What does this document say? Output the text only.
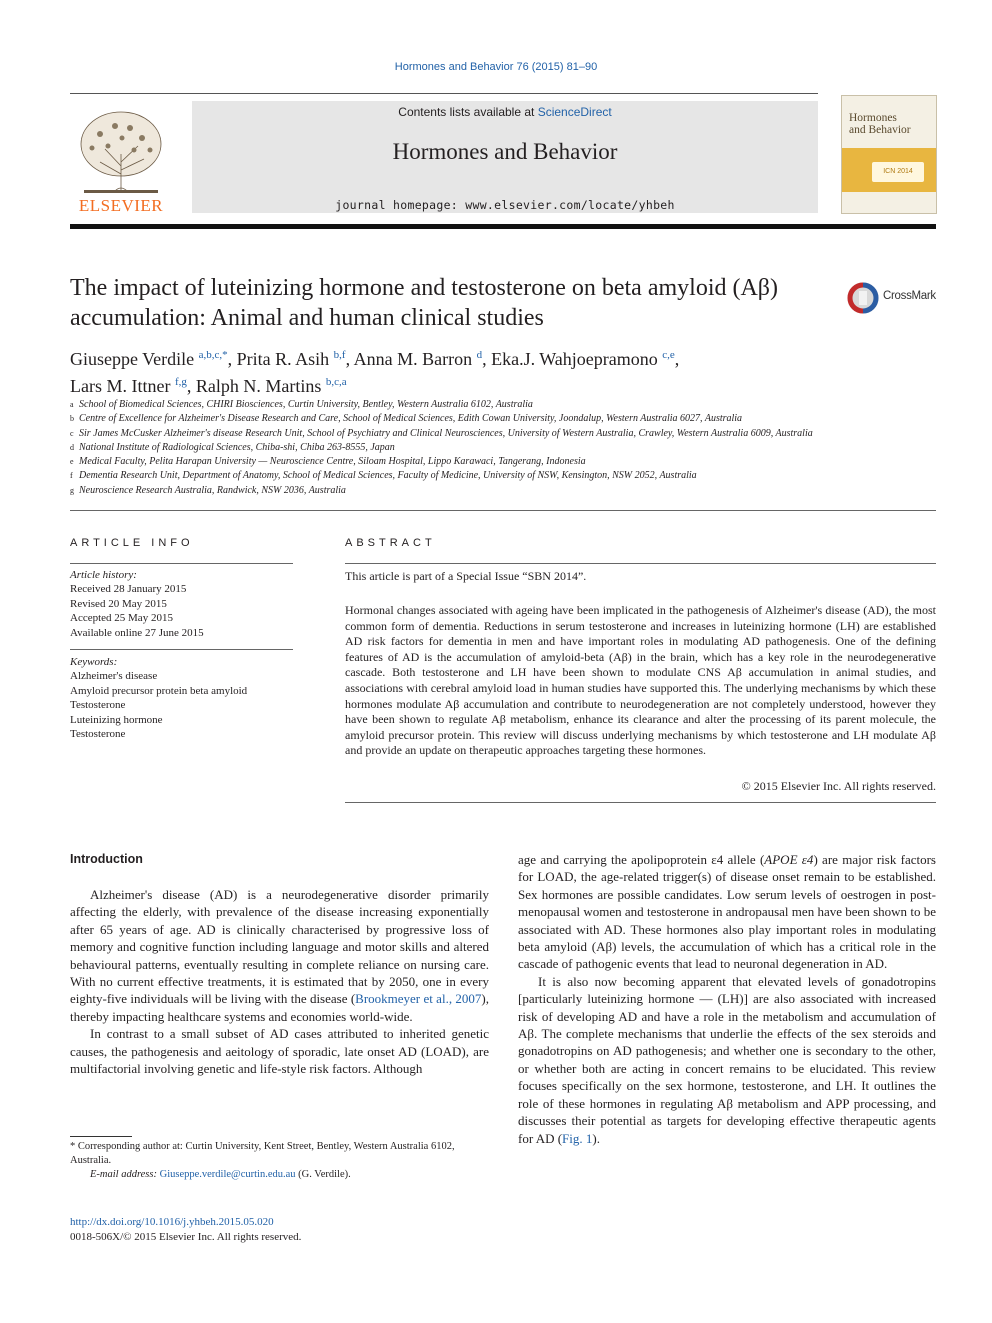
Hormones and Behavior 76 (2015) 81–90
ELSEVIER
Contents lists available at ScienceDirect
Hormones and Behavior
journal homepage: www.elsevier.com/locate/yhbeh
Hormones
and Behavior
ICN 2014
The impact of luteinizing hormone and testosterone on beta amyloid (Aβ) accumulation: Animal and human clinical studies
CrossMark
Giuseppe Verdile $^{a,b,c,*}$, Prita R. Asih $^{b,f}$, Anna M. Barron $^d$, Eka.J. Wahjoepramono $^{c,e}$,
Lars M. Ittner $^{f,g}$, Ralph N. Martins $^{b,c,a}$
a School of Biomedical Sciences, CHIRI Biosciences, Curtin University, Bentley, Western Australia 6102, Australia
b Centre of Excellence for Alzheimer's Disease Research and Care, School of Medical Sciences, Edith Cowan University, Joondalup, Western Australia 6027, Australia
c Sir James McCusker Alzheimer's disease Research Unit, School of Psychiatry and Clinical Neurosciences, University of Western Australia, Crawley, Western Australia 6009, Australia
d National Institute of Radiological Sciences, Chiba-shi, Chiba 263-8555, Japan
e Medical Faculty, Pelita Harapan University — Neuroscience Centre, Siloam Hospital, Lippo Karawaci, Tangerang, Indonesia
f Dementia Research Unit, Department of Anatomy, School of Medical Sciences, Faculty of Medicine, University of NSW, Kensington, NSW 2052, Australia
g Neuroscience Research Australia, Randwick, NSW 2036, Australia
ARTICLE INFO	ABSTRACT
Article history:
Received 28 January 2015
Revised 20 May 2015
Accepted 25 May 2015
Available online 27 June 2015
Keywords:
Alzheimer's disease
Amyloid precursor protein beta amyloid
Testosterone
Luteinizing hormone
Testosterone
This article is part of a Special Issue “SBN 2014”.
Hormonal changes associated with ageing have been implicated in the pathogenesis of Alzheimer's disease (AD), the most common form of dementia. Reductions in serum testosterone and increases in luteinizing hormone (LH) are established AD risk factors for dementia in men and have important roles in modulating AD pathogenesis. One of the defining features of AD is the accumulation of amyloid-beta (Aβ) in the brain, which has a key role in the neurodegenerative cascade. Both testosterone and LH have been shown to modulate CNS Aβ accumulation in animal studies, and associations with cerebral amyloid load in human studies have supported this. The underlying mechanisms by which these hormones modulate Aβ accumulation and contribute to neurodegeneration are not completely understood, however they have been shown to regulate Aβ metabolism, enhance its clearance and alter the processing of its parent molecule, the amyloid precursor protein. This review will discuss underlying mechanisms by which testosterone and LH modulate Aβ and provide an update on therapeutic approaches targeting these hormones.
© 2015 Elsevier Inc. All rights reserved.
Introduction

Alzheimer's disease (AD) is a neurodegenerative disorder primarily affecting the elderly, with prevalence of the disease increasing exponentially after 65 years of age. AD is clinically characterised by progressive loss of memory and cognitive function including language and motor skills and altered behavioural patterns, eventually resulting in complete reliance on nursing care. With no current effective treatments, it is estimated that by 2050, one in every eighty-five individuals will be living with the disease (Brookmeyer et al., 2007), thereby impacting healthcare systems and economies world-wide.

In contrast to a small subset of AD cases attributed to inherited genetic causes, the pathogenesis and aeitology of sporadic, late onset AD (LOAD), are multifactorial involving genetic and life-style risk factors. Although

age and carrying the apolipoprotein ε4 allele (APOE ε4) are major risk factors for LOAD, the age-related trigger(s) of disease onset remain to be established. Sex hormones are possible candidates. Low serum levels of oestrogen in post-menopausal women and testosterone in andropausal men have been shown to be associated with AD. These hormones also play important roles in modulating beta amyloid (Aβ) levels, the accumulation of which has a critical role in the cascade of pathogenic events that lead to neuronal degeneration in AD.

It is also now becoming apparent that elevated levels of gonadotropins [particularly luteinizing hormone — (LH)] are also associated with increased risk of developing AD and have a role in the metabolism and accumulation of Aβ. The complete mechanisms that underlie the effects of the sex steroids and gonadotropins on AD pathogenesis; and whether one is secondary to the other, or whether both are acting in concert remains to be elucidated. This review focuses specifically on the sex hormone, testosterone, and LH. It outlines the role of these hormones in regulating Aβ metabolism and APP processing, and discusses their potential as targets for developing effective therapeutic agents for AD (Fig. 1).

* Corresponding author at: Curtin University, Kent Street, Bentley, Western Australia 6102, Australia.
E-mail address: Giuseppe.verdile@curtin.edu.au (G. Verdile).
http://dx.doi.org/10.1016/j.yhbeh.2015.05.020
0018-506X/© 2015 Elsevier Inc. All rights reserved.
